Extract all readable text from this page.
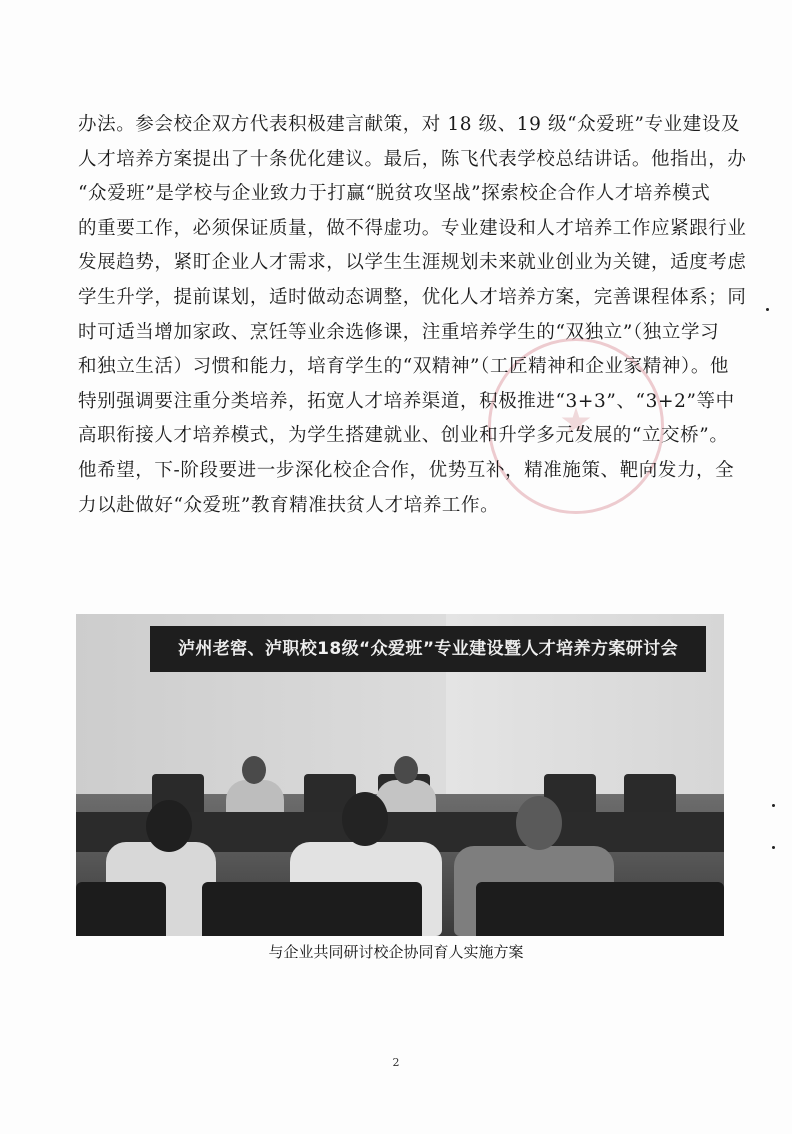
办法。参会校企双方代表积极建言献策，对 18 级、19 级“众爱班”专业建设及
人才培养方案提出了十条优化建议。最后，陈飞代表学校总结讲话。他指出，办
“众爱班”是学校与企业致力于打赢“脱贫攻坚战”探索校企合作人才培养模式
的重要工作，必须保证质量，做不得虚功。专业建设和人才培养工作应紧跟行业
发展趋势，紧盯企业人才需求，以学生生涯规划未来就业创业为关键，适度考虑
学生升学，提前谋划，适时做动态调整，优化人才培养方案，完善课程体系；同
时可适当增加家政、烹饪等业余选修课，注重培养学生的“双独立”（独立学习
和独立生活）习惯和能力，培育学生的“双精神”（工匠精神和企业家精神）。他
特别强调要注重分类培养，拓宽人才培养渠道，积极推进“3+3”、“3+2”等中
高职衔接人才培养模式，为学生搭建就业、创业和升学多元发展的“立交桥”。
他希望，下-阶段要进一步深化校企合作，优势互补，精准施策、靶向发力，全
力以赴做好“众爱班”教育精准扶贫人才培养工作。

泸州老窖、泸职校18级“众爱班”专业建设暨人才培养方案研讨会

与企业共同研讨校企协同育人实施方案

2
